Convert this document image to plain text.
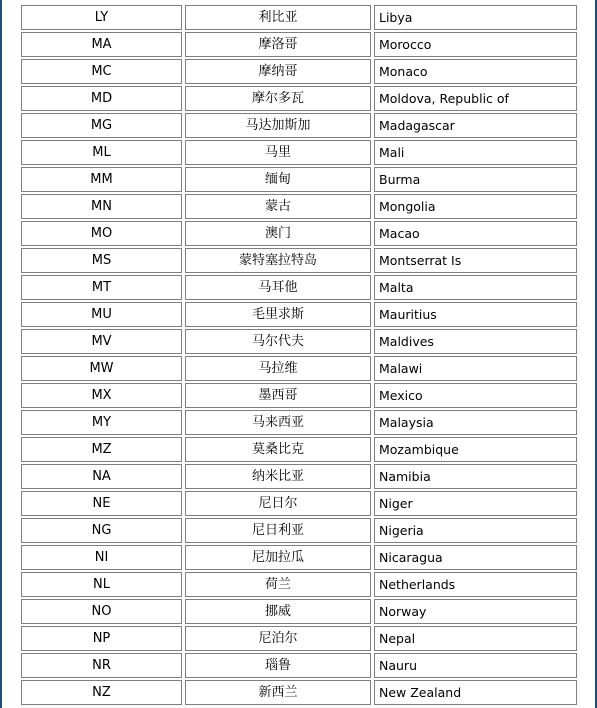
LY	利比亚	Libya
MA	摩洛哥	Morocco
MC	摩纳哥	Monaco
MD	摩尔多瓦	Moldova, Republic of
MG	马达加斯加	Madagascar
ML	马里	Mali
MM	缅甸	Burma
MN	蒙古	Mongolia
MO	澳门	Macao
MS	蒙特塞拉特岛	Montserrat Is
MT	马耳他	Malta
MU	毛里求斯	Mauritius
MV	马尔代夫	Maldives
MW	马拉维	Malawi
MX	墨西哥	Mexico
MY	马来西亚	Malaysia
MZ	莫桑比克	Mozambique
NA	纳米比亚	Namibia
NE	尼日尔	Niger
NG	尼日利亚	Nigeria
NI	尼加拉瓜	Nicaragua
NL	荷兰	Netherlands
NO	挪威	Norway
NP	尼泊尔	Nepal
NR	瑙鲁	Nauru
NZ	新西兰	New Zealand
